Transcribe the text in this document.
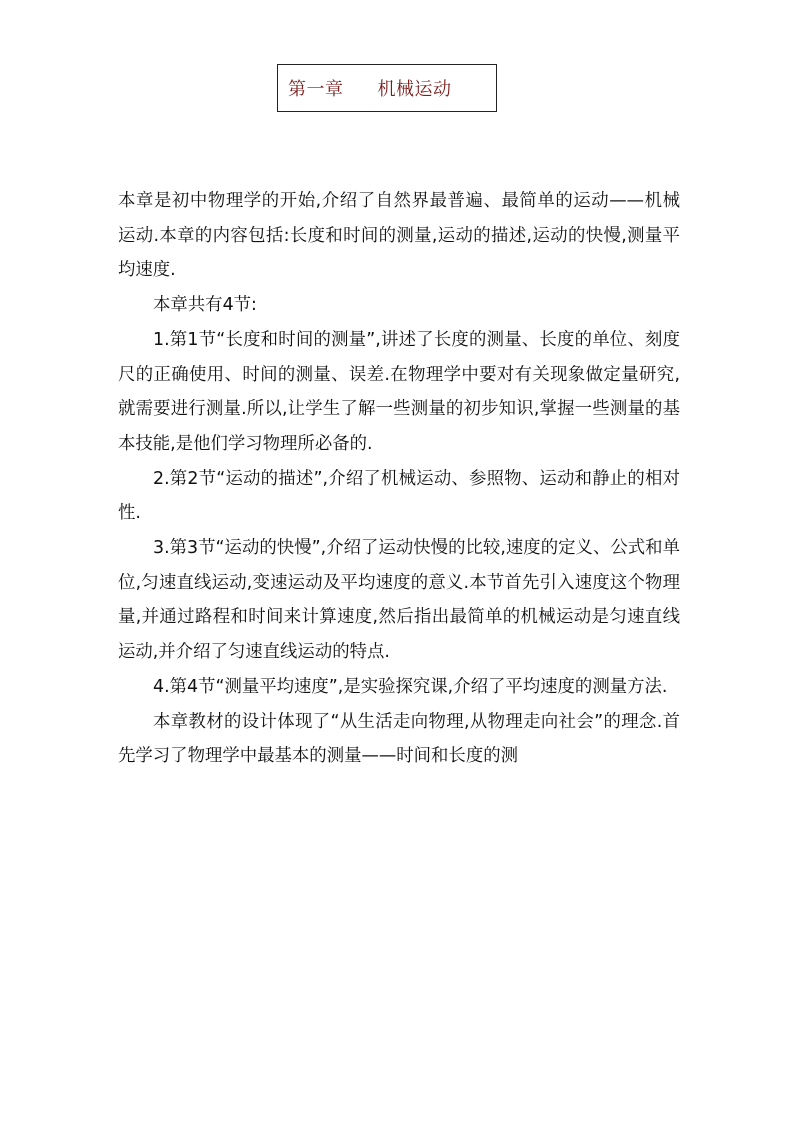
第一章 机械运动

本章是初中物理学的开始,介绍了自然界最普遍、最简单的运动——机械运动.本章的内容包括:长度和时间的测量,运动的描述,运动的快慢,测量平均速度.

本章共有4节:

1.第1节“长度和时间的测量”,讲述了长度的测量、长度的单位、刻度尺的正确使用、时间的测量、误差.在物理学中要对有关现象做定量研究,就需要进行测量.所以,让学生了解一些测量的初步知识,掌握一些测量的基本技能,是他们学习物理所必备的.

2.第2节“运动的描述”,介绍了机械运动、参照物、运动和静止的相对性.

3.第3节“运动的快慢”,介绍了运动快慢的比较,速度的定义、公式和单位,匀速直线运动,变速运动及平均速度的意义.本节首先引入速度这个物理量,并通过路程和时间来计算速度,然后指出最简单的机械运动是匀速直线运动,并介绍了匀速直线运动的特点.

4.第4节“测量平均速度”,是实验探究课,介绍了平均速度的测量方法.

本章教材的设计体现了“从生活走向物理,从物理走向社会”的理念.首先学习了物理学中最基本的测量——时间和长度的测
